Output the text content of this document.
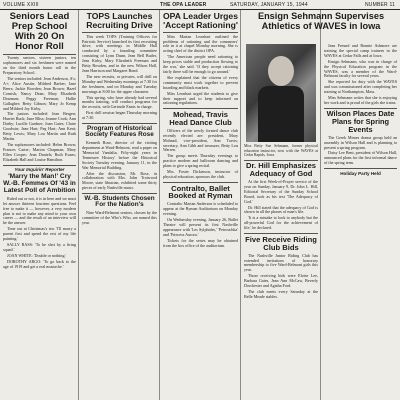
VOLUME XXIII	THE OPA LEADER	SATURDAY, JANUARY 15, 1944	NUMBER 11
Seniors Lead Prep School With 20 On Honor Roll

Twenty seniors, sixteen juniors, ten sophomores and six freshmen were named on the third month honor roll in the Preparatory School.

The seniors included: Jean Anderson, A's; A+; Alice Austin; Mildred Barber; Jane Beers; Jackie Bowden; Jean Brown; Hazel Cornish; Nancy Dean; Mary Elizabeth Dearman; Peggy Freeman; Hallie Gallagher; Betty Gibson; Mary Jo Kemp and Mildred Joy Kirby.

The juniors included: Jean Bergen; Harriet Buck; June Bliss; Jeanne Cook; Ann Darby; Lucille Gardner; Joan Gates; Claire Goodwin; Jean Hart; Peg Hart; Ann Kent; Betty Lewis; Mary Lou Martin and Ruth Martin.

The sophomores included: Helen Brown; Frances Carter; Marion Chapman; Mary Ellen Cooper; Jean Daniels; Ruth Evans; Elizabeth Hall and Louise Hamilton.

Your Inquirin' Reporter
'Marry the Man!' Cry W.-B. Femmes Of '43 in Latest Poll of Ambition

Ruled out or not, it is in here and we must let answer thirteen fourteen questions. Feel free to make it — however, a very modern plan is not to make any mind to your own career — and the result of an interview will be the answer.

Time out at Christmas's tea: 'I'll marry a parent first and spend the rest of my life painting.'

SALLY BASS: 'To be shot by a firing squad.'

JOAN WHITE: 'Double or nothing.'

DOROTHY ARGO: 'To go back to the age of 1919 and get a real mustache.'

TOPS Launches Recruiting Drive

This week TOPS (Training Officers for Patriotic Service) launched its first recruiting drive, with meetings in Middle Hall conducted by a founding committee consisting of Lynn Dunn, Jean Bell Butler, Jean Kirby, Mary Elizabeth Freeman and Betty Bowden, and in the new Wilson Hall, Jean Harrison and Margaret Bond.

The new recruits, or privates, will drill on Monday and Wednesday mornings at 7:30 for the freshmen, and on Monday and Tuesday mornings at 8:00 for the upper classmen.

This spring, who have already had several months training, will conduct programs for the recruits, with Gertrude Ennis in charge.

First drill session began Thursday morning at 7:30.

Program of Historical Society Features Rose

Kenneth Rose, director of the visiting department at Ward-Belmont, read a paper on 'Memorial Vandalia, Fifty-eight years in Tennessee History' before the Historical Society Tuesday evening, January 11, in the War Memorial Building.

After the discussion, Mr. Rose, in collaboration with Mrs. John Trotwood Moore, state librarian, exhibited some thirty pieces of early Nashville music.

W.-B. Students Chosen For the Nation's

Nine Ward-Belmont seniors, chosen by the committee of the Who's Who, are named this year.

OPA Leader Urges 'Accept Rationing'

Miss Marian Leonhart outlined the problems of rationing and the consumers' role in it at chapel Monday morning. She is acting chief of the district OPA.

'The American people need rationing to keep prices stable and production flowing to the war,' she said. 'If they accept rationing fairly there will be enough to go around.'

She explained that the citizens of every community must work together to prevent hoarding and black markets.

Miss Leonhart urged the students to give their support and to keep informed on rationing regulations.

Mohead, Travis Head Dance Club

Officers of the newly formed dance club recently elected are: president, Mary Mohead; vice-president, Ann Travis; secretary, Ann Gibb and treasurer, Betty Lou Warren.

The group meets Thursday evenings to practice modern and ballroom dancing and plans to give a spring recital.

Mrs. Foster Dickinson, instructor of physical education, sponsors the club.

Contralto, Ballet Booked at Ryman

Contralto Marian Anderson is scheduled to appear at the Ryman Auditorium on Monday evening.

On Wednesday evening, January 26, Ballet Theatre will present its first Nashville appearance with 'Les Sylphides,' 'Petrouchka' and 'Princess Aurora.'

Tickets for the series may be obtained from the box office of the auditorium.

Ensign Sehmann Supervises Athletics of WAVES in Iowa
Miss Betty Sue Sehmann, former physical education instructor, now with the WAVES at Cedar Rapids, Iowa.
Dr. Hill Emphasizes Adequacy of God

At the first Week-of-Prayer service of the year on Sunday, January 9, Dr. John L. Hill, Editorial Secretary of the Sunday School Board, took as his text 'The Adequacy of God.'

Dr. Hill stated that the adequacy of God is shown in all the phases of man's life.

'It is a mistake to look to anybody but the all-powerful God for the achievement of life,' he declared.

Five Receive Riding Club Bids

The Nashville Junior Riding Club has extended invitations of honorary membership to five Ward-Belmont girls this year.

Those receiving bids were Eloise Lee, Barbara Gates, Jean Ann McCaw, Beverly Dorchester and Agatha Ford.

The club meets every Saturday at the Belle Meade stables.

Jean Freund and Bonnie Ashmore are training the special camp trainees in the WAVES at Cedar Falls and at Iowa.

Ensign Sehmann, who was in charge of the Physical Education program in the WAVES, was a member of the Ward-Belmont faculty for several years.

She reported for duty with the WAVES and was commissioned after completing her training at Northampton, Mass.

Miss Sehmann writes that she is enjoying her work and is proud of the girls she trains.

Wilson Places Date Plans for Spring Events

The Greek Mimes drama group held an assembly in Wilson Hall and is planning to present a spring program.

Daisy Lee Bent, president of Wilson Hall, announced plans for the first informal dance of the spring term.

Holiday Party Held
